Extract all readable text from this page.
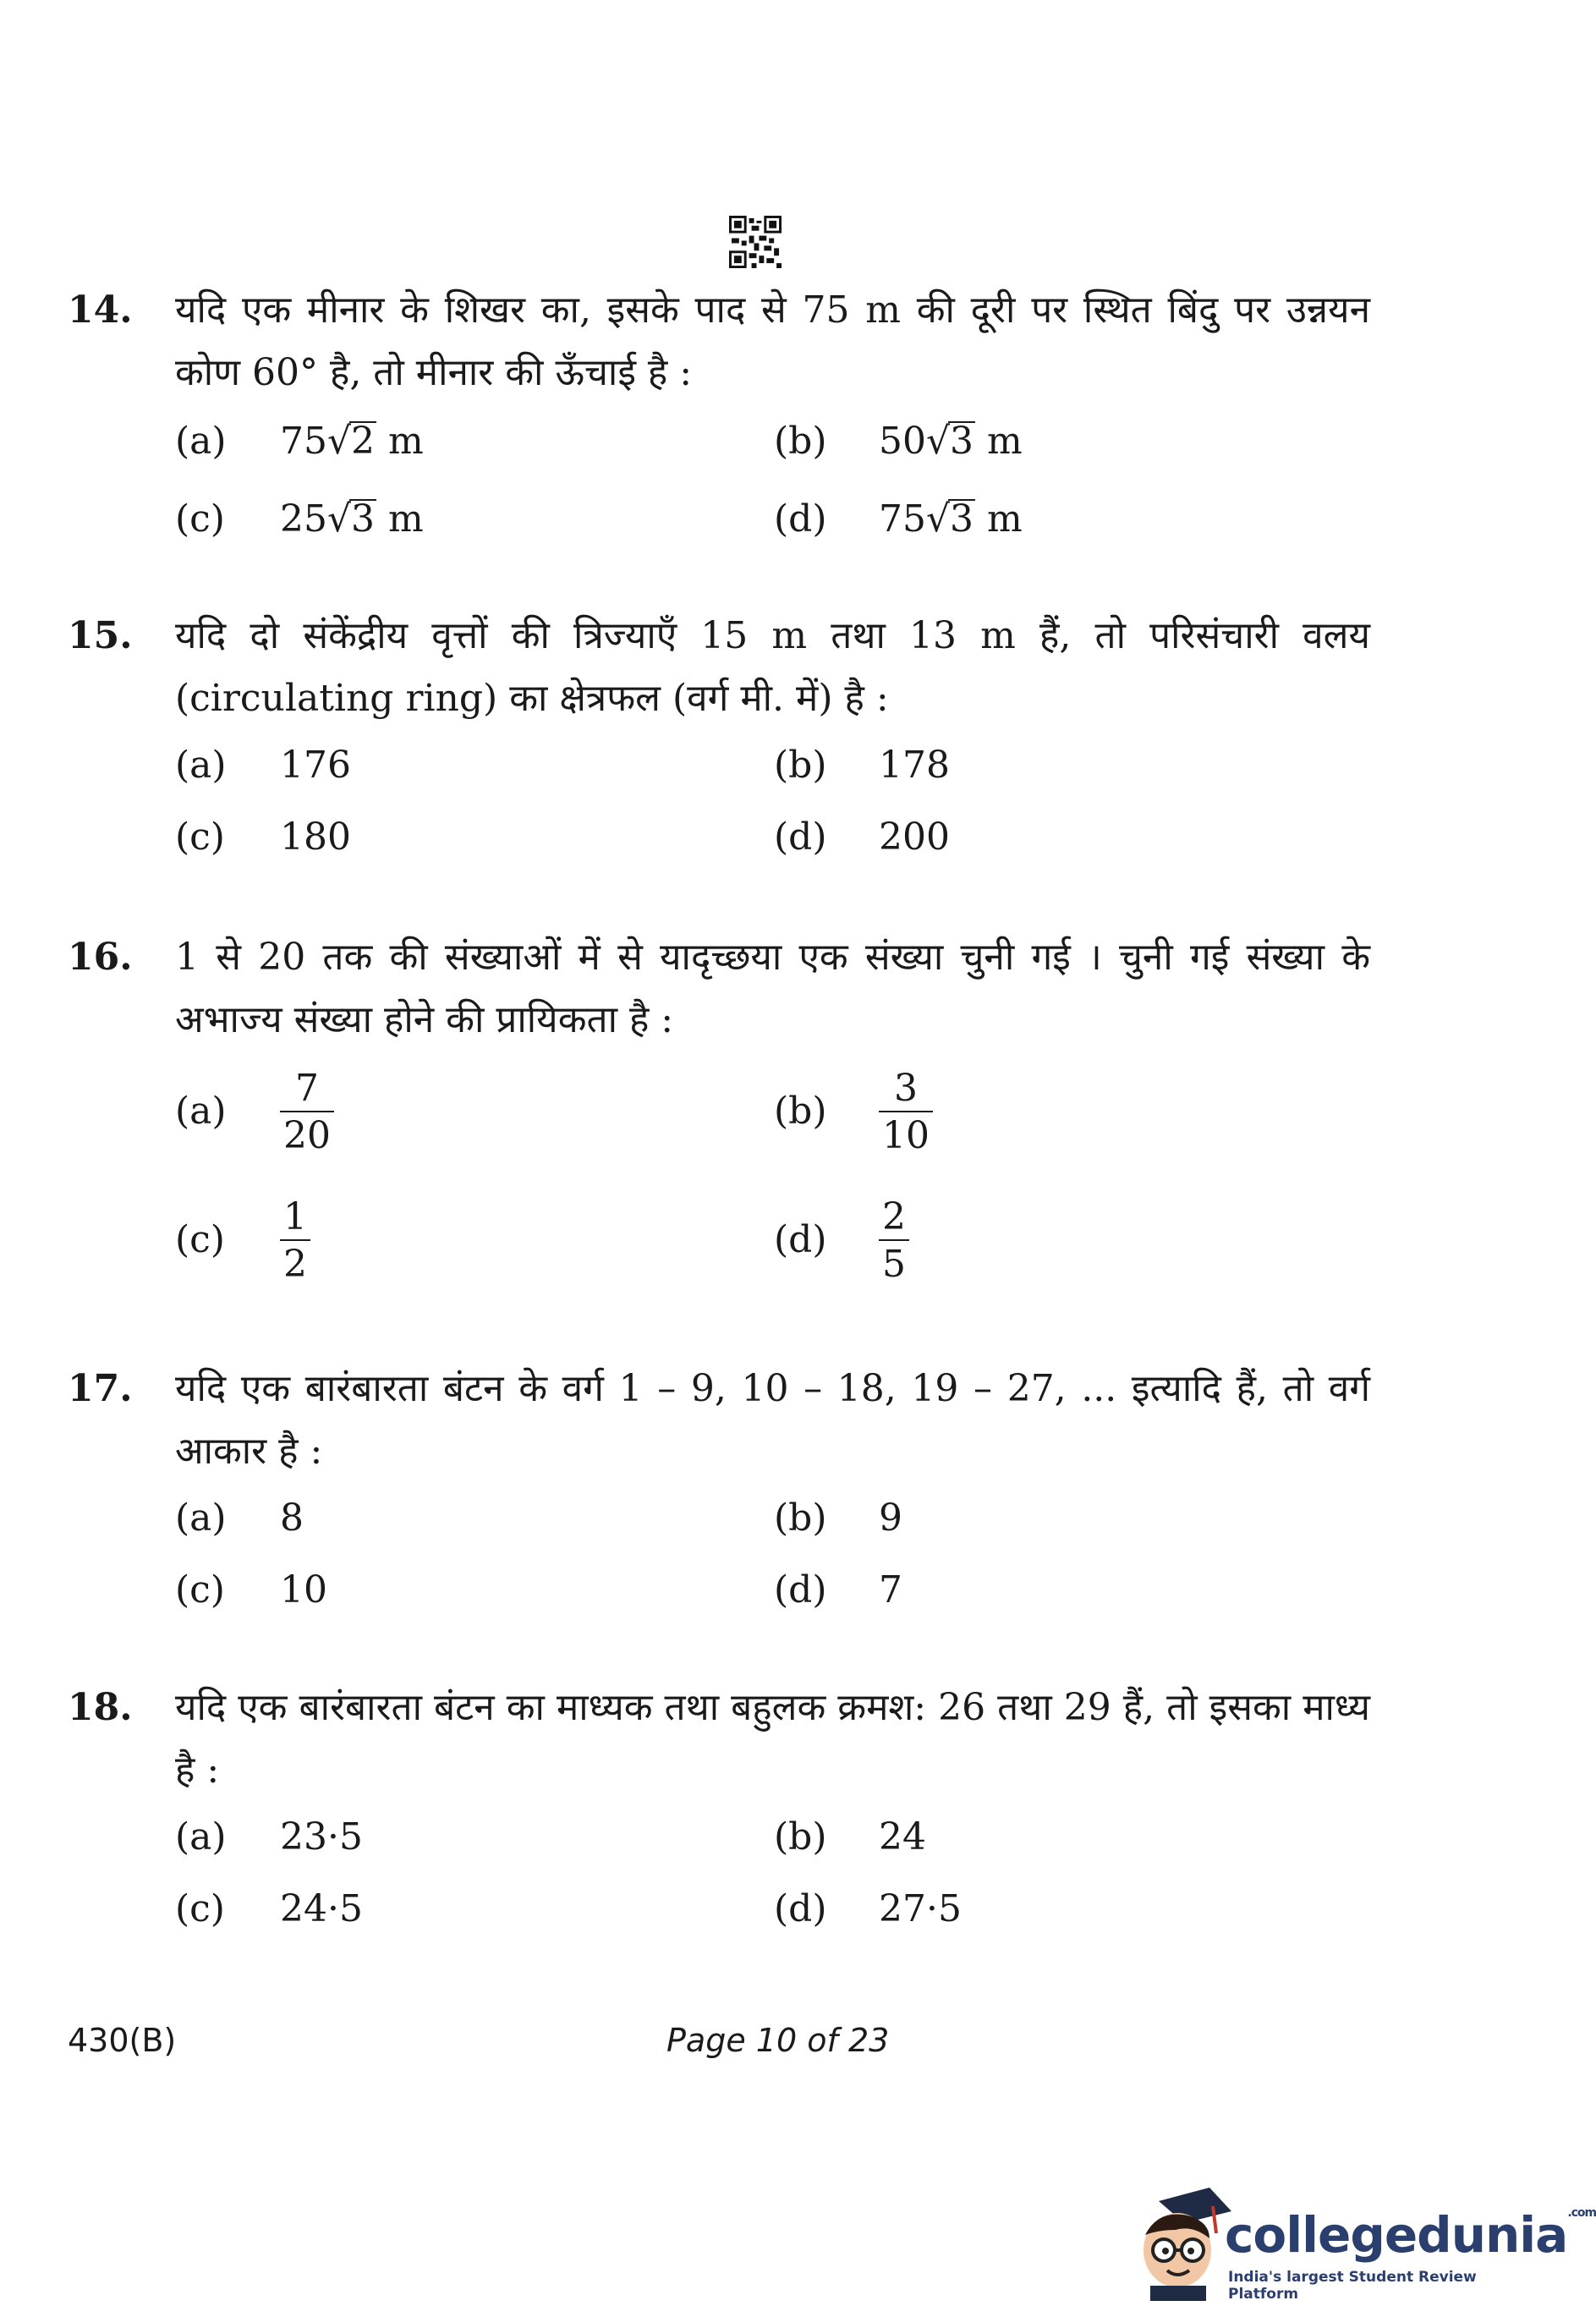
14. यदि एक मीनार के शिखर का, इसके पाद से 75 m की दूरी पर स्थित बिंदु पर उन्नयन कोण 60° है, तो मीनार की ऊँचाई है :
(a) 75√2 m	(b) 50√3 m
(c) 25√3 m	(d) 75√3 m
15. यदि दो संकेंद्रीय वृत्तों की त्रिज्याएँ 15 m तथा 13 m हैं, तो परिसंचारी वलय (circulating ring) का क्षेत्रफल (वर्ग मी. में) है :
(a) 176	(b) 178
(c) 180	(d) 200
16. 1 से 20 तक की संख्याओं में से यादृच्छया एक संख्या चुनी गई । चुनी गई संख्या के अभाज्य संख्या होने की प्रायिकता है :
$(a) \frac{7}{20}$	$(b) \frac{3}{10}$
$(c) \frac{1}{2}$	$(d) \frac{2}{5}$
17. यदि एक बारंबारता बंटन के वर्ग 1 – 9, 10 – 18, 19 – 27, ... इत्यादि हैं, तो वर्ग आकार है :
(a) 8	(b) 9
(c) 10	(d) 7
18. यदि एक बारंबारता बंटन का माध्यक तथा बहुलक क्रमश: 26 तथा 29 हैं, तो इसका माध्य है :
(a) 23·5	(b) 24
(c) 24·5	(d) 27·5
430(B)	Page 10 of 23
collegedunia$^{.com}$
India's largest Student Review Platform
